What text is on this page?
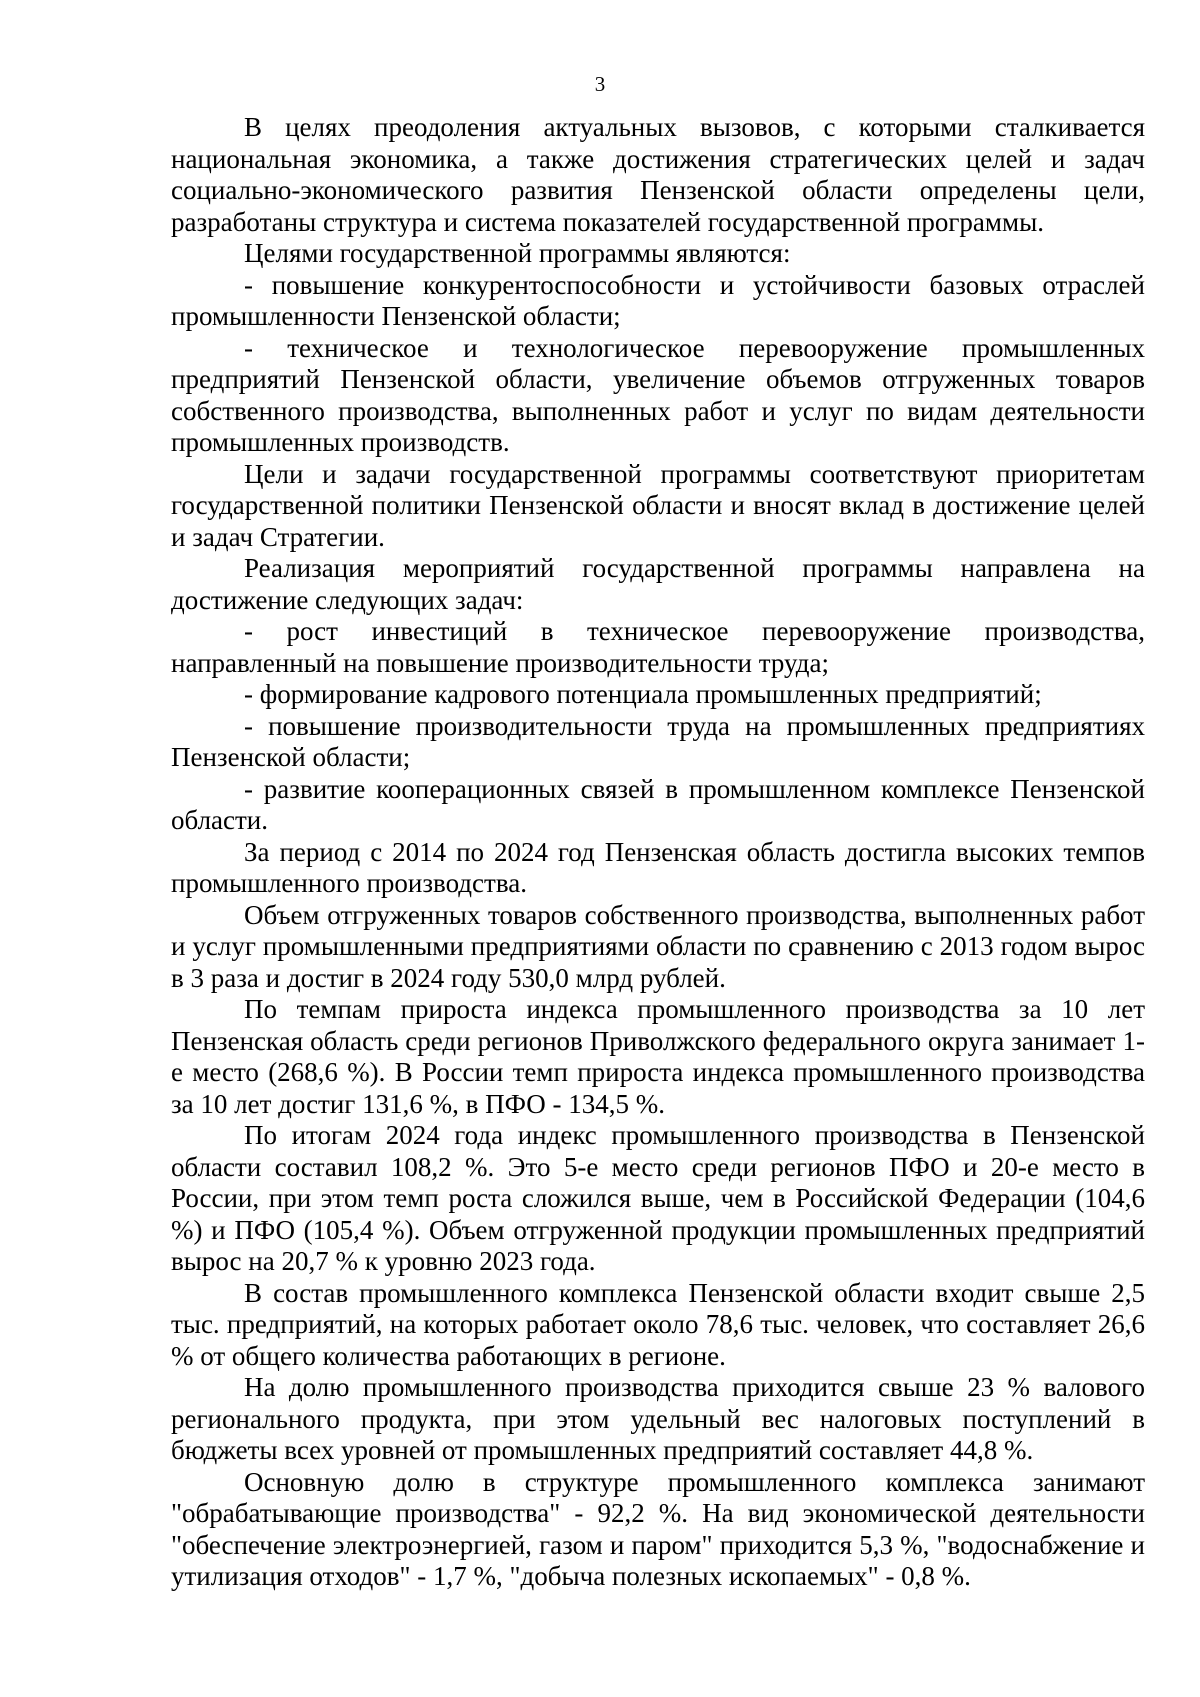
3

В целях преодоления актуальных вызовов, с которыми сталкивается национальная экономика, а также достижения стратегических целей и задач социально-экономического развития Пензенской области определены цели, разработаны структура и система показателей государственной программы.

Целями государственной программы являются:

- повышение конкурентоспособности и устойчивости базовых отраслей промышленности Пензенской области;

- техническое и технологическое перевооружение промышленных предприятий Пензенской области, увеличение объемов отгруженных товаров собственного производства, выполненных работ и услуг по видам деятельности промышленных производств.

Цели и задачи государственной программы соответствуют приоритетам государственной политики Пензенской области и вносят вклад в достижение целей и задач Стратегии.

Реализация мероприятий государственной программы направлена на достижение следующих задач:

- рост инвестиций в техническое перевооружение производства, направленный на повышение производительности труда;

- формирование кадрового потенциала промышленных предприятий;

- повышение производительности труда на промышленных предприятиях Пензенской области;

- развитие кооперационных связей в промышленном комплексе Пензенской области.

За период с 2014 по 2024 год Пензенская область достигла высоких темпов промышленного производства.

Объем отгруженных товаров собственного производства, выполненных работ и услуг промышленными предприятиями области по сравнению с 2013 годом вырос в 3 раза и достиг в 2024 году 530,0 млрд рублей.

По темпам прироста индекса промышленного производства за 10 лет Пензенская область среди регионов Приволжского федерального округа занимает 1-е место (268,6 %). В России темп прироста индекса промышленного производства за 10 лет достиг 131,6 %, в ПФО - 134,5 %.

По итогам 2024 года индекс промышленного производства в Пензенской области составил 108,2 %. Это 5-е место среди регионов ПФО и 20-е место в России, при этом темп роста сложился выше, чем в Российской Федерации (104,6 %) и ПФО (105,4 %). Объем отгруженной продукции промышленных предприятий вырос на 20,7 % к уровню 2023 года.

В состав промышленного комплекса Пензенской области входит свыше 2,5 тыс. предприятий, на которых работает около 78,6 тыс. человек, что составляет 26,6 % от общего количества работающих в регионе.

На долю промышленного производства приходится свыше 23 % валового регионального продукта, при этом удельный вес налоговых поступлений в бюджеты всех уровней от промышленных предприятий составляет 44,8 %.

Основную долю в структуре промышленного комплекса занимают "обрабатывающие производства" - 92,2 %. На вид экономической деятельности "обеспечение электроэнергией, газом и паром" приходится 5,3 %, "водоснабжение и утилизация отходов" - 1,7 %, "добыча полезных ископаемых" - 0,8 %.
